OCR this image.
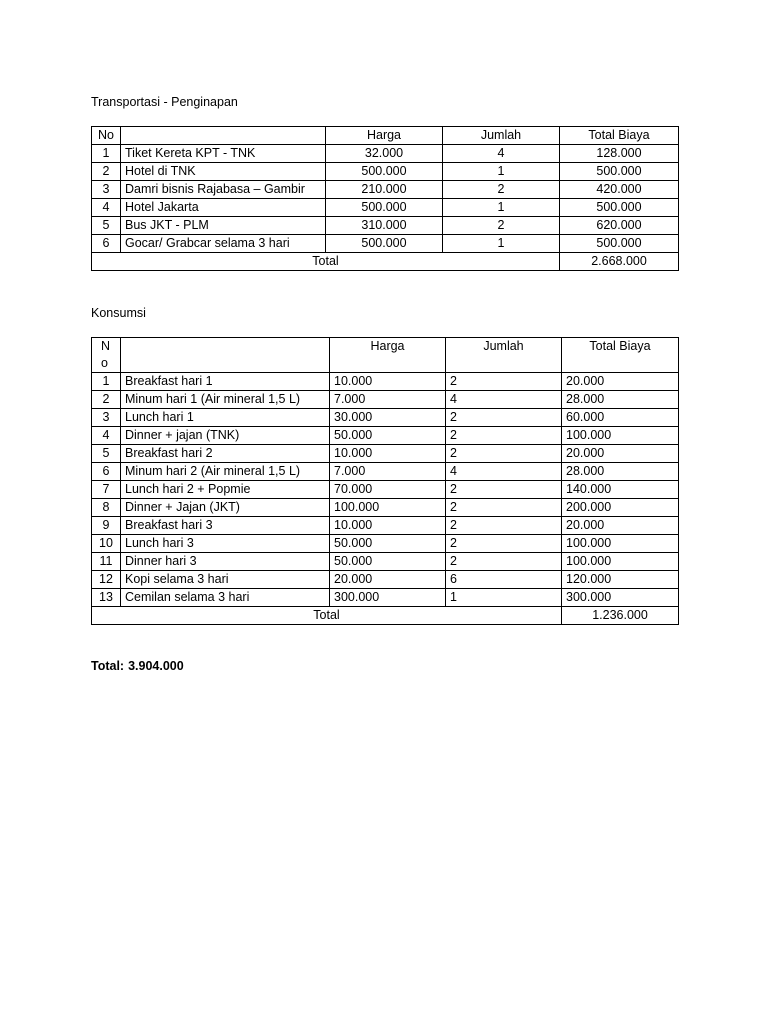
Transportasi - Penginapan
No		Harga	Jumlah	Total Biaya
1	Tiket Kereta KPT - TNK	32.000	4	128.000
2	Hotel di TNK	500.000	1	500.000
3	Damri bisnis Rajabasa – Gambir	210.000	2	420.000
4	Hotel Jakarta	500.000	1	500.000
5	Bus JKT - PLM	310.000	2	620.000
6	Gocar/ Grabcar selama 3 hari	500.000	1	500.000
Total				2.668.000
Konsumsi
N
o		Harga	Jumlah	Total Biaya
1	Breakfast hari 1	10.000	2	20.000
2	Minum hari 1 (Air mineral 1,5 L)	7.000	4	28.000
3	Lunch hari 1	30.000	2	60.000
4	Dinner + jajan (TNK)	50.000	2	100.000
5	Breakfast hari 2	10.000	2	20.000
6	Minum hari 2 (Air mineral 1,5 L)	7.000	4	28.000
7	Lunch hari 2 + Popmie	70.000	2	140.000
8	Dinner + Jajan (JKT)	100.000	2	200.000
9	Breakfast hari 3	10.000	2	20.000
10	Lunch hari 3	50.000	2	100.000
11	Dinner hari 3	50.000	2	100.000
12	Kopi selama 3 hari	20.000	6	120.000
13	Cemilan selama 3 hari	300.000	1	300.000
Total				1.236.000
Total: 3.904.000
